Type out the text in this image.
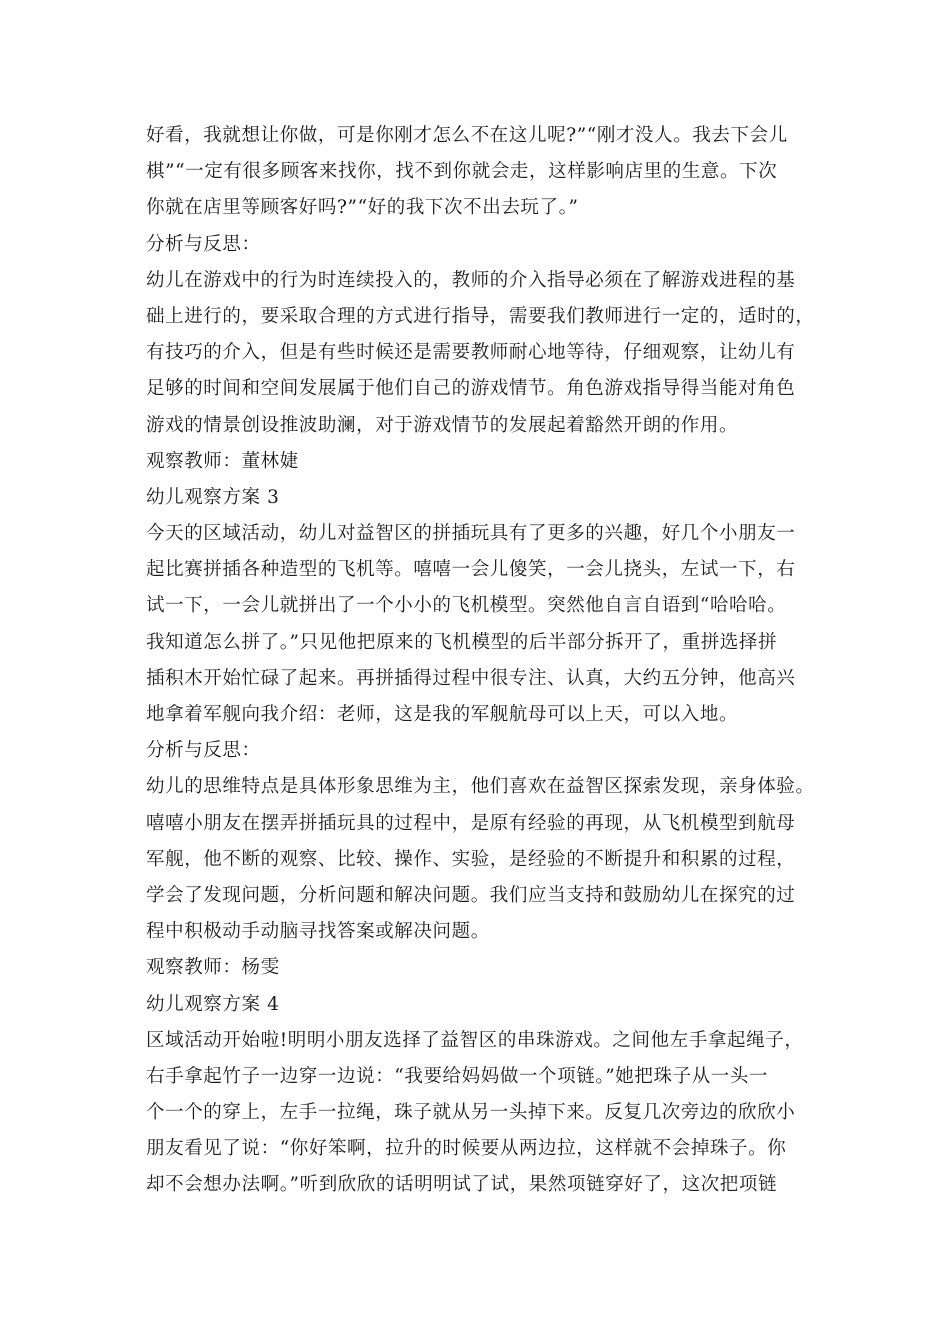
好看，我就想让你做，可是你刚才怎么不在这儿呢?”“刚才没人。我去下会儿
棋”“一定有很多顾客来找你，找不到你就会走，这样影响店里的生意。下次
你就在店里等顾客好吗?”“好的我下次不出去玩了。”
分析与反思：
幼儿在游戏中的行为时连续投入的，教师的介入指导必须在了解游戏进程的基
础上进行的，要采取合理的方式进行指导，需要我们教师进行一定的，适时的，
有技巧的介入，但是有些时候还是需要教师耐心地等待，仔细观察，让幼儿有
足够的时间和空间发展属于他们自己的游戏情节。角色游戏指导得当能对角色
游戏的情景创设推波助澜，对于游戏情节的发展起着豁然开朗的作用。
观察教师：董林婕
幼儿观察方案 3
今天的区域活动，幼儿对益智区的拼插玩具有了更多的兴趣，好几个小朋友一
起比赛拼插各种造型的飞机等。嘻嘻一会儿傻笑，一会儿挠头，左试一下，右
试一下，一会儿就拼出了一个小小的飞机模型。突然他自言自语到“哈哈哈。
我知道怎么拼了。”只见他把原来的飞机模型的后半部分拆开了，重拼选择拼
插积木开始忙碌了起来。再拼插得过程中很专注、认真，大约五分钟，他高兴
地拿着军舰向我介绍：老师，这是我的军舰航母可以上天，可以入地。
分析与反思：
幼儿的思维特点是具体形象思维为主，他们喜欢在益智区探索发现，亲身体验。
嘻嘻小朋友在摆弄拼插玩具的过程中，是原有经验的再现，从飞机模型到航母
军舰，他不断的观察、比较、操作、实验，是经验的不断提升和积累的过程，
学会了发现问题，分析问题和解决问题。我们应当支持和鼓励幼儿在探究的过
程中积极动手动脑寻找答案或解决问题。
观察教师：杨雯
幼儿观察方案 4
区域活动开始啦!明明小朋友选择了益智区的串珠游戏。之间他左手拿起绳子，
右手拿起竹子一边穿一边说：“我要给妈妈做一个项链。”她把珠子从一头一
个一个的穿上，左手一拉绳，珠子就从另一头掉下来。反复几次旁边的欣欣小
朋友看见了说：“你好笨啊，拉升的时候要从两边拉，这样就不会掉珠子。你
却不会想办法啊。”听到欣欣的话明明试了试，果然项链穿好了，这次把项链
